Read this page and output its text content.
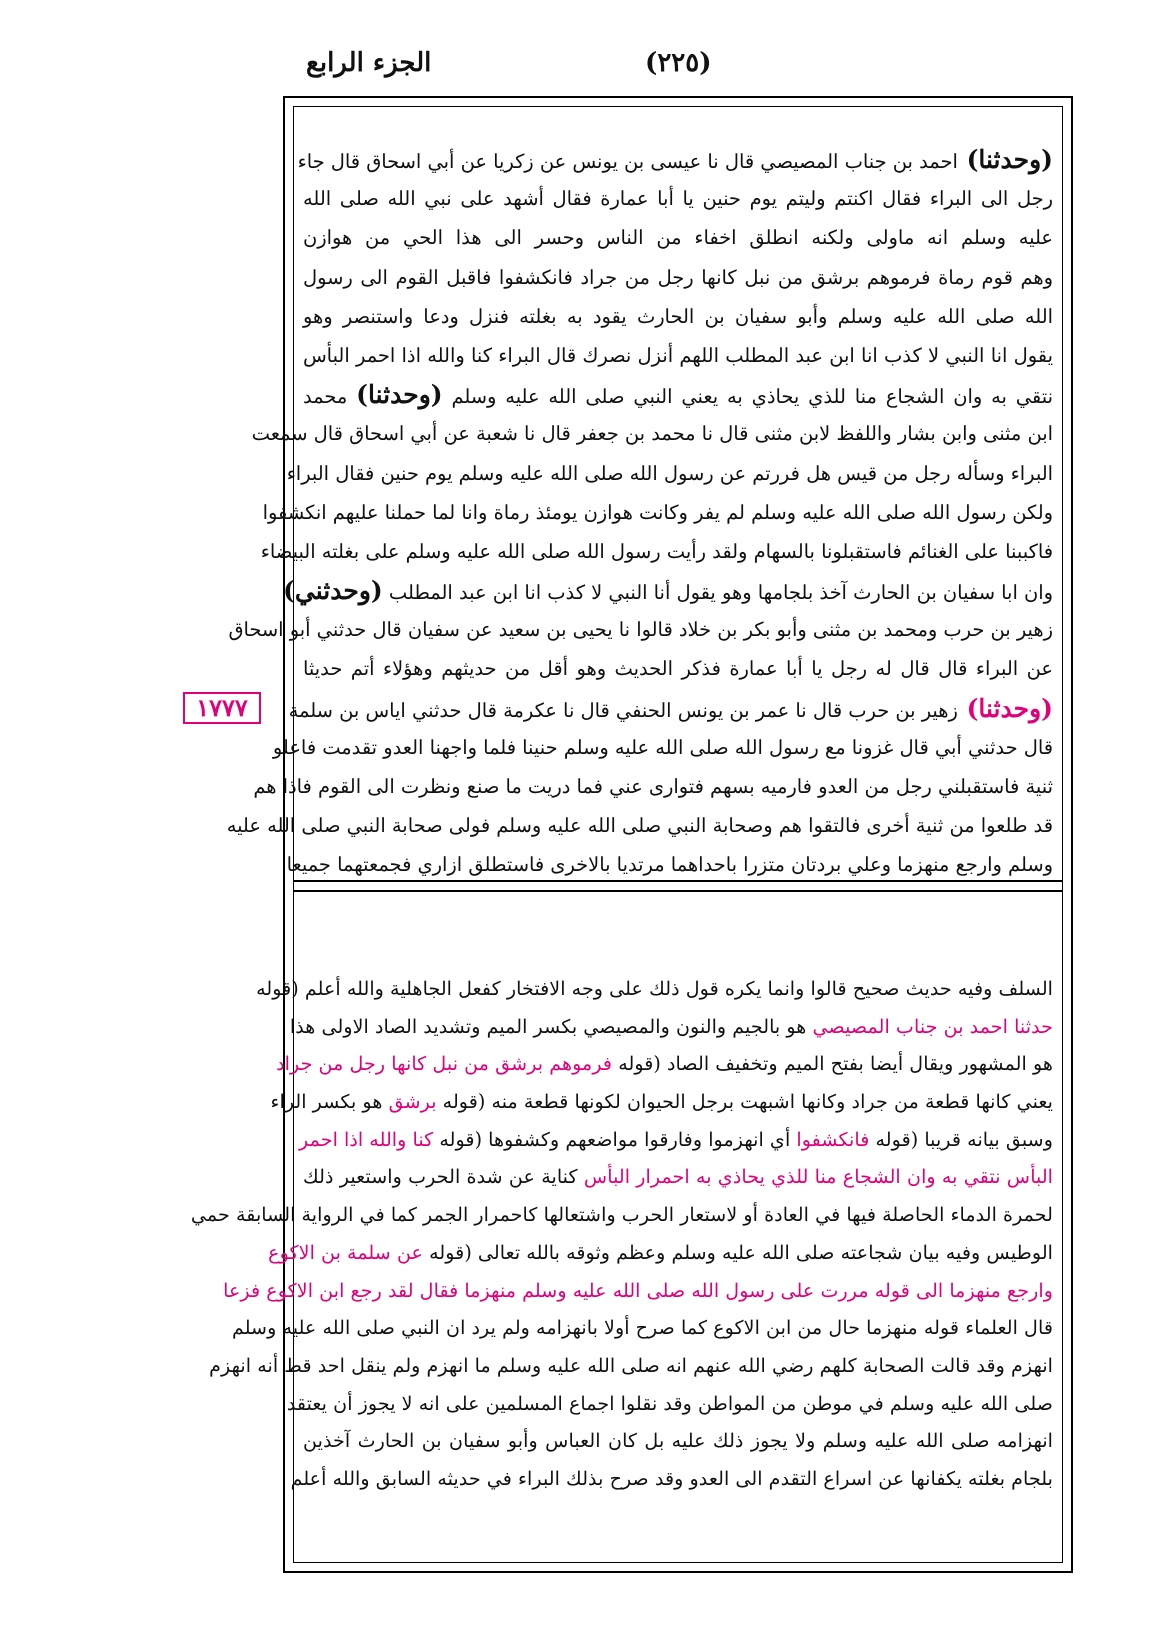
الجزء الرابع	(٢٢٥)
١٧٧٧
(وحدثنا) احمد بن جناب المصيصي قال نا عيسى بن يونس عن زكريا عن أبي اسحاق قال جاء
رجل الى البراء فقال اكنتم وليتم يوم حنين يا أبا عمارة فقال أشهد على نبي الله صلى الله
عليه وسلم انه ماولى ولكنه انطلق اخفاء من الناس وحسر الى هذا الحي من هوازن
وهم قوم رماة فرموهم برشق من نبل كانها رجل من جراد فانكشفوا فاقبل القوم الى رسول
الله صلى الله عليه وسلم وأبو سفيان بن الحارث يقود به بغلته فنزل ودعا واستنصر وهو
يقول انا النبي لا كذب انا ابن عبد المطلب اللهم أنزل نصرك قال البراء كنا والله اذا احمر البأس
نتقي به وان الشجاع منا للذي يحاذي به يعني النبي صلى الله عليه وسلم (وحدثنا) محمد
ابن مثنى وابن بشار واللفظ لابن مثنى قال نا محمد بن جعفر قال نا شعبة عن أبي اسحاق قال سمعت
البراء وسأله رجل من قيس هل فررتم عن رسول الله صلى الله عليه وسلم يوم حنين فقال البراء
ولكن رسول الله صلى الله عليه وسلم لم يفر وكانت هوازن يومئذ رماة وانا لما حملنا عليهم انكشفوا
فاكببنا على الغنائم فاستقبلونا بالسهام ولقد رأيت رسول الله صلى الله عليه وسلم على بغلته البيضاء
وان ابا سفيان بن الحارث آخذ بلجامها وهو يقول أنا النبي لا كذب انا ابن عبد المطلب (وحدثني)
زهير بن حرب ومحمد بن مثنى وأبو بكر بن خلاد قالوا نا يحيى بن سعيد عن سفيان قال حدثني أبو اسحاق
عن البراء قال قال له رجل يا أبا عمارة فذكر الحديث وهو أقل من حديثهم وهؤلاء أتم حديثا
(وحدثنا) زهير بن حرب قال نا عمر بن يونس الحنفي قال نا عكرمة قال حدثني اياس بن سلمة
قال حدثني أبي قال غزونا مع رسول الله صلى الله عليه وسلم حنينا فلما واجهنا العدو تقدمت فاعلو
ثنية فاستقبلني رجل من العدو فارميه بسهم فتوارى عني فما دريت ما صنع ونظرت الى القوم فاذا هم
قد طلعوا من ثنية أخرى فالتقوا هم وصحابة النبي صلى الله عليه وسلم فولى صحابة النبي صلى الله عليه
وسلم وارجع منهزما وعلي بردتان متزرا باحداهما مرتديا بالاخرى فاستطلق ازاري فجمعتهما جميعا
السلف وفيه حديث صحيح قالوا وانما يكره قول ذلك على وجه الافتخار كفعل الجاهلية والله أعلم (قوله
حدثنا احمد بن جناب المصيصي هو بالجيم والنون والمصيصي بكسر الميم وتشديد الصاد الاولى هذا
هو المشهور ويقال أيضا بفتح الميم وتخفيف الصاد (قوله فرموهم برشق من نبل كانها رجل من جراد
يعني كانها قطعة من جراد وكانها اشبهت برجل الحيوان لكونها قطعة منه (قوله برشق هو بكسر الراء
وسبق بيانه قريبا (قوله فانكشفوا أي انهزموا وفارقوا مواضعهم وكشفوها (قوله كنا والله اذا احمر
البأس نتقي به وان الشجاع منا للذي يحاذي به احمرار البأس كناية عن شدة الحرب واستعير ذلك
لحمرة الدماء الحاصلة فيها في العادة أو لاستعار الحرب واشتعالها كاحمرار الجمر كما في الرواية السابقة حمي
الوطيس وفيه بيان شجاعته صلى الله عليه وسلم وعظم وثوقه بالله تعالى (قوله عن سلمة بن الاكوع
وارجع منهزما الى قوله مررت على رسول الله صلى الله عليه وسلم منهزما فقال لقد رجع ابن الاكوع فزعا
قال العلماء قوله منهزما حال من ابن الاكوع كما صرح أولا بانهزامه ولم يرد ان النبي صلى الله عليه وسلم
انهزم وقد قالت الصحابة كلهم رضي الله عنهم انه صلى الله عليه وسلم ما انهزم ولم ينقل احد قط أنه انهزم
صلى الله عليه وسلم في موطن من المواطن وقد نقلوا اجماع المسلمين على انه لا يجوز أن يعتقد
انهزامه صلى الله عليه وسلم ولا يجوز ذلك عليه بل كان العباس وأبو سفيان بن الحارث آخذين
بلجام بغلته يكفانها عن اسراع التقدم الى العدو وقد صرح بذلك البراء في حديثه السابق والله أعلم
